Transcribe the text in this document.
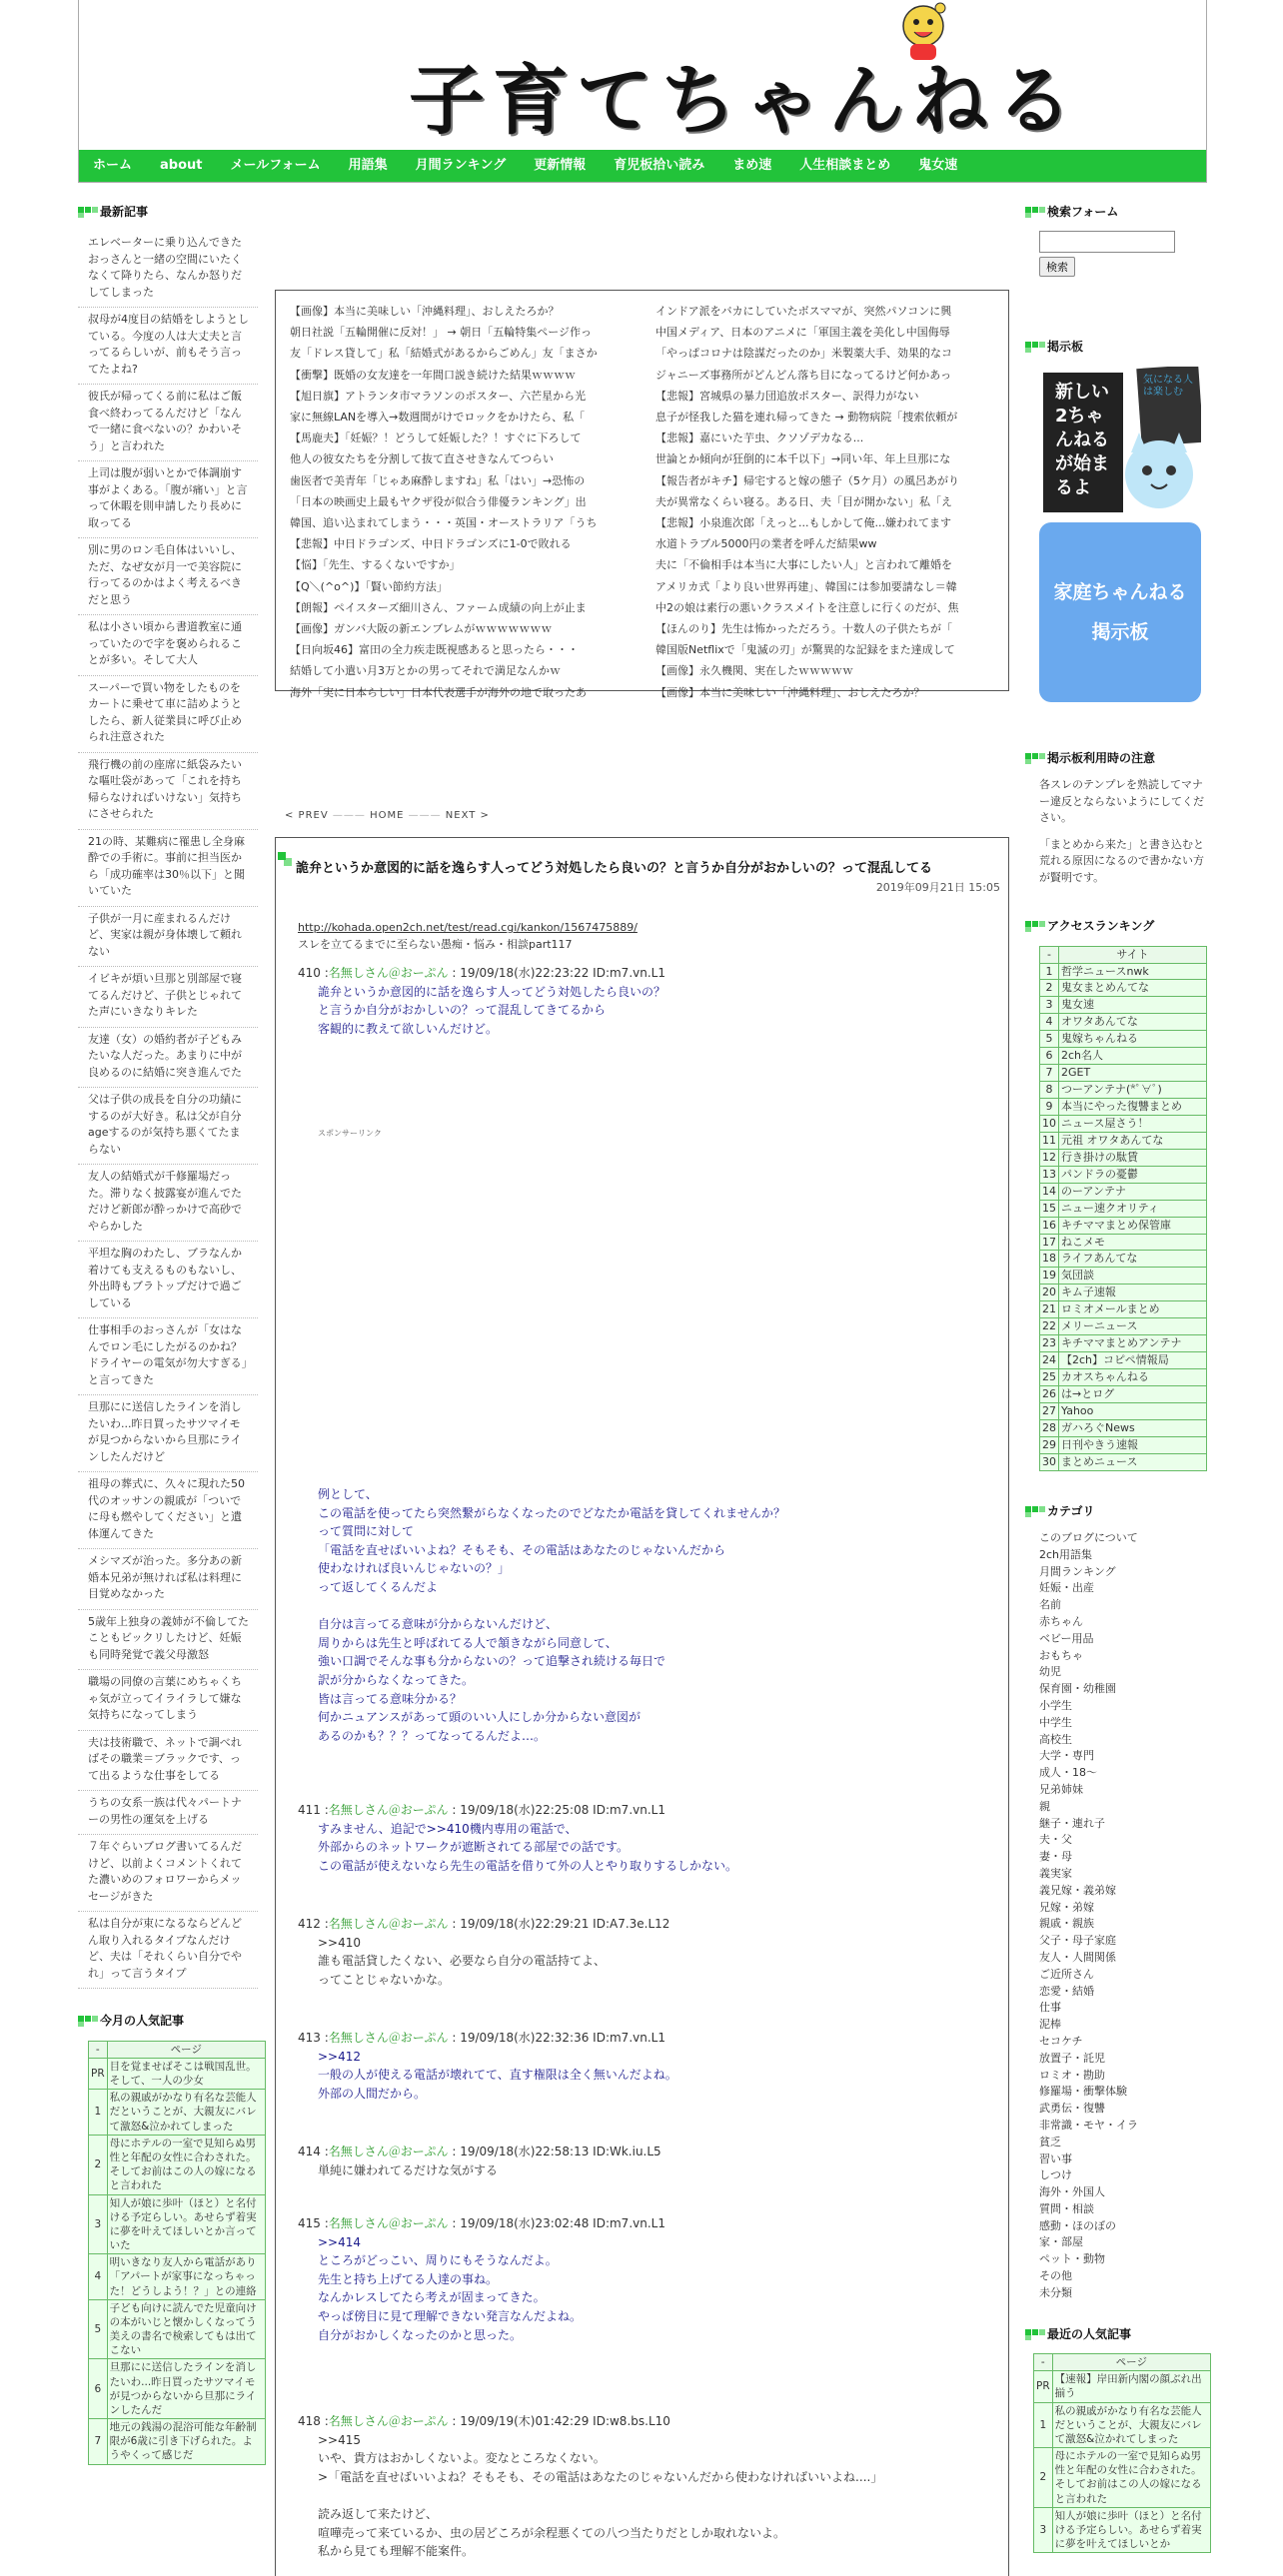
子育てちゃんねる
ホーム about メールフォーム 用語集 月間ランキング 更新情報 育児板拾い読み まめ速 人生相談まとめ 鬼女速
最新記事
エレベーターに乗り込んできたおっさんと一緒の空間にいたくなくて降りたら、なんか怒りだしてしまった
叔母が4度目の結婚をしようとしている。今度の人は大丈夫と言ってるらしいが、前もそう言ってたよね?
彼氏が帰ってくる前に私はご飯食べ終わってるんだけど「なんで一緒に食べないの？かわいそう」と言われた
上司は腹が弱いとかで体調崩す事がよくある。「腹が痛い」と言って休暇を則申請したり長めに取ってる
別に男のロン毛自体はいいし、ただ、なぜ女が月一で美容院に行ってるのかはよく考えるべきだと思う
私は小さい頃から書道教室に通っていたので字を褒められることが多い。そして大人
スーパーで買い物をしたものをカートに乗せて車に詰めようとしたら、新人従業員に呼び止められ注意された
飛行機の前の座席に紙袋みたいな嘔吐袋があって「これを持ち帰らなければいけない」気持ちにさせられた
21の時、某難病に罹患し全身麻酔での手術に。事前に担当医から「成功確率は30％以下」と聞いていた
子供が一月に産まれるんだけど、実家は親が身体壊して頼れない
イビキが煩い旦那と別部屋で寝てるんだけど、子供とじゃれてた声にいきなりキレた
友達（女）の婚約者が子どもみたいな人だった。あまりに中が良めるのに結婚に突き進んでた
父は子供の成長を自分の功績にするのが大好き。私は父が自分ageするのが気持ち悪くてたまらない
友人の結婚式が千修羅場だった。滞りなく披露宴が進んでただけど新郎が酔っかけで高砂でやらかした
平坦な胸のわたし、ブラなんか着けても支えるものもないし、外出時もブラトップだけで過ごしている
仕事相手のおっさんが「女はなんでロン毛にしたがるのかね？ドライヤーの電気が勿大すぎる」と言ってきた
旦那にに送信したラインを消したいわ...昨日買ったサツマイモが見つからないから旦那にラインしたんだけど
祖母の葬式に、久々に現れた50代のオッサンの親戚が「ついでに母も燃やしてください」と遺体運んてきた
メシマズが治った。多分あの新婚本兄弟が無ければ私は料理に目覚めなかった
5歳年上独身の義姉が不倫してたこともビックリしたけど、妊娠も同時発覚で義父母激怒
職場の同僚の言葉にめちゃくちゃ気が立ってイライラして嫌な気持ちになってしまう
夫は技術職で、ネットで調べればその職業＝ブラックです、って出るような仕事をしてる
うちの女系一族は代々パートナーの男性の運気を上げる
７年ぐらいブログ書いてるんだけど、以前よくコメントくれてた濃いめのフォロワーからメッセージがきた
私は自分が束になるならどんどん取り入れるタイプなんだけど、夫は「それくらい自分でやれ」って言うタイプ
今月の人気記事
-	ページ
PR	目を覚ませばそこは戦国乱世。そして、一人の少女
1	私の親戚がかなり有名な芸能人だということが、大親友にバレて激怒&泣かれてしまった
2	母にホテルの一室で見知らぬ男性と年配の女性に合わされた。そしてお前はこの人の嫁になると言われた
3	知人が娘に歩叶（ほと）と名付ける予定らしい。あせらず着実に夢を叶えてほしいとか言っていた
4	明いきなり友人から電話があり「アパートが家事になっちゃった！どうしよう！？」との連絡
5	子ども向けに読んでた児童向けの本がいじと懐かしくなってう美えの書名で検索してもは出てこない
6	旦那にに送信したラインを消したいわ...昨日買ったサツマイモが見つからないから旦那にラインしたんだ
7	地元の銭湯の混浴可能な年齢制限が6歳に引き下げられた。ようやくって感じだ
【画像】本当に美味しい「沖縄料理」、おしえたろか？
朝日社説「五輪開催に反対！」 → 朝日「五輪特集ページ作っ
友「ドレス貸して」私「結婚式があるからごめん」友「まさか
【衝撃】既婚の女友達を一年間口説き続けた結果ｗｗｗｗ
【旭日旗】アトランタ市マラソンのポスター、六芒星から光
家に無線LANを導入→数週間がけでロックをかけたら、私「
【馬鹿夫】「妊娠？！どうして妊娠した？！すぐに下ろして
他人の彼女たちを分割して抜て直させきなんてつらい
歯医者で美青年「じゃあ麻酔しますね」私「はい」→恐怖の
「日本の映画史上最もヤクザ役が似合う俳優ランキング」出
韓国、追い込まれてしまう・・・英国・オーストラリア「うち
【悲報】中日ドラゴンズ、中日ドラゴンズに1-0で敗れる
【悩】「先生、するくないですか」
【Q＼(^o^)】「賢い節約方法」
【朗報】ペイスターズ細川さん、ファーム成績の向上が止ま
【画像】ガンバ大阪の新エンブレムがｗｗｗｗｗｗｗ
【日向坂46】富田の全力疾走既視感あると思ったら・・・
結婚して小遣い月3万とかの男ってそれで満足なんかｗ
海外「実に日本らしい」日本代表選手が海外の地で取ったあ
インドア派をバカにしていたボスママが、突然パソコンに興
中国メディア、日本のアニメに「軍国主義を美化し中国侮辱
「やっぱコロナは陰謀だったのか」米製薬大手、効果的なコ
ジャニーズ事務所がどんどん落ち目になってるけど何かあっ
【悲報】宮城県の暴力団追放ポスター、訳得力がない
息子が怪我した猫を連れ帰ってきた → 動物病院「捜索依頼が
【悲報】嘉にいた芋虫、クソゾデカなる...
世論とか傾向が狂倒的に本千以下」→同い年、年上旦那にな
【報告者がキチ】帰宅すると嫁の態子（5ケ月）の風呂あがり
夫が異常なくらい寝る。ある日、夫「目が開かない」私「え
【悲報】小泉進次郎「えっと...もしかして俺...嫌われてます
水道トラブル5000円の業者を呼んだ結果ww
夫に「不倫相手は本当に大事にしたい人」と言われて離婚を
アメリカ式「より良い世界再建」、韓国には参加要請なし＝韓
中2の娘は素行の悪いクラスメイトを注意しに行くのだが、焦
【ほんのり】先生は怖かっただろう。十数人の子供たちが「
韓国版Netflixで「鬼滅の刃」が驚異的な記録をまた達成して
【画像】永久機関、実在したｗｗｗｗｗ
【画像】本当に美味しい「沖縄料理」、おしえたろか？
< PREV ——— HOME ——— NEXT >
詭弁というか意図的に話を逸らす人ってどう対処したら良いの？と言うか自分がおかしいの？って混乱してる
2019年09月21日 15:05
http://kohada.open2ch.net/test/read.cgi/kankon/1567475889/
スレを立てるまでに至らない愚痴・悩み・相談part117
410 :名無しさん＠おーぷん : 19/09/18(水)22:23:22 ID:m7.vn.L1
詭弁というか意図的に話を逸らす人ってどう対処したら良いの？
と言うか自分がおかしいの？って混乱してきてるから
客観的に教えて欲しいんだけど。
スポンサーリンク
例として、
この電話を使ってたら突然繋がらなくなったのでどなたか電話を貸してくれませんか？
って質問に対して
「電話を直せばいいよね？そもそも、その電話はあなたのじゃないんだから
使わなければ良いんじゃないの？」
って返してくるんだよ

自分は言ってる意味が分からないんだけど、
周りからは先生と呼ばれてる人で頷きながら同意して、
強い口調でそんな事も分からないの？って追撃され続ける毎日で
訳が分からなくなってきた。
皆は言ってる意味分かる？
何かニュアンスがあって頭のいい人にしか分からない意図が
あるのかも？？？ってなってるんだよ…。
411 :名無しさん＠おーぷん : 19/09/18(水)22:25:08 ID:m7.vn.L1
すみません、追記で>>410機内専用の電話で、
外部からのネットワークが遮断されてる部屋での話です。
この電話が使えないなら先生の電話を借りて外の人とやり取りするしかない。
412 :名無しさん＠おーぷん : 19/09/18(水)22:29:21 ID:A7.3e.L12
>>410
誰も電話貸したくない、必要なら自分の電話持てよ、
ってことじゃないかな。
413 :名無しさん＠おーぷん : 19/09/18(水)22:32:36 ID:m7.vn.L1
>>412
一般の人が使える電話が壊れてて、直す権限は全く無いんだよね。
外部の人間だから。
414 :名無しさん＠おーぷん : 19/09/18(水)22:58:13 ID:Wk.iu.L5
単純に嫌われてるだけな気がする
415 :名無しさん＠おーぷん : 19/09/18(水)23:02:48 ID:m7.vn.L1
>>414
ところがどっこい、周りにもそうなんだよ。
先生と持ち上げてる人達の事ね。
なんかレスしてたら考えが固まってきた。
やっぱ傍目に見て理解できない発言なんだよね。
自分がおかしくなったのかと思った。
418 :名無しさん＠おーぷん : 19/09/19(木)01:42:29 ID:w8.bs.L10
>>415
いや、貴方はおかしくないよ。変なところなくない。
>「電話を直せばいいよね？そもそも、その電話はあなたのじゃないんだから使わなければいいよね....」

読み返して来たけど、
喧嘩売って来ているか、虫の居どころが余程悪くての八つ当たりだとしか取れないよ。
私から見ても理解不能案件。
検索フォーム
検索
掲示板
新しい2ちゃんねるが始まるよ
気になる人は楽しむ
家庭ちゃんねる
掲示板
掲示板利用時の注意
各スレのテンプレを熟読してマナー違反とならないようにしてください。
「まとめから来た」と書き込むと荒れる原因になるので書かない方が賢明です。
アクセスランキング
-	サイト
1	哲学ニュースnwk
2	鬼女まとめんてな
3	鬼女速
4	オワタあんてな
5	鬼嫁ちゃんねる
6	2ch名人
7	2GET
8	つーアンテナ(*ﾟ∀ﾟ)
9	本当にやった復讐まとめ
10	ニュース屋さう！
11	元祖 オワタあんてな
12	行き掛けの駄賃
13	パンドラの憂鬱
14	のーアンテナ
15	ニュー速クオリティ
16	キチママまとめ保管庫
17	ねこメモ
18	ライフあんてな
19	気団談
20	キム子速報
21	ロミオメールまとめ
22	メリーニュース
23	キチママまとめアンテナ
24	【2ch】コピペ情報局
25	カオスちゃんねる
26	は→とログ
27	Yahoo
28	ガハろぐNews
29	日刊やきう速報
30	まとめニュース
カテゴリ
このブログについて
2ch用語集
月間ランキング
妊娠・出産
名前
赤ちゃん
ベビー用品
おもちゃ
幼児
保育園・幼稚園
小学生
中学生
高校生
大学・専門
成人・18～
兄弟姉妹
親
継子・連れ子
夫・父
妻・母
義実家
義兄嫁・義弟嫁
兄嫁・弟嫁
親戚・親族
父子・母子家庭
友人・人間関係
ご近所さん
恋愛・結婚
仕事
泥棒
セコケチ
放置子・託児
ロミオ・勘助
修羅場・衝撃体験
武勇伝・復讐
非常識・モヤ・イラ
貧乏
習い事
しつけ
海外・外国人
質問・相談
感動・ほのぼの
家・部屋
ペット・動物
その他
未分類
最近の人気記事
-	ページ
PR	【速報】岸田新内閣の顔ぶれ出揃う
1	私の親戚がかなり有名な芸能人だということが、大親友にバレて激怒&泣かれてしまった
2	母にホテルの一室で見知らぬ男性と年配の女性に合わされた。そしてお前はこの人の嫁になると言われた
3	知人が娘に歩叶（ほと）と名付ける予定らしい。あせらず着実に夢を叶えてほしいとか
